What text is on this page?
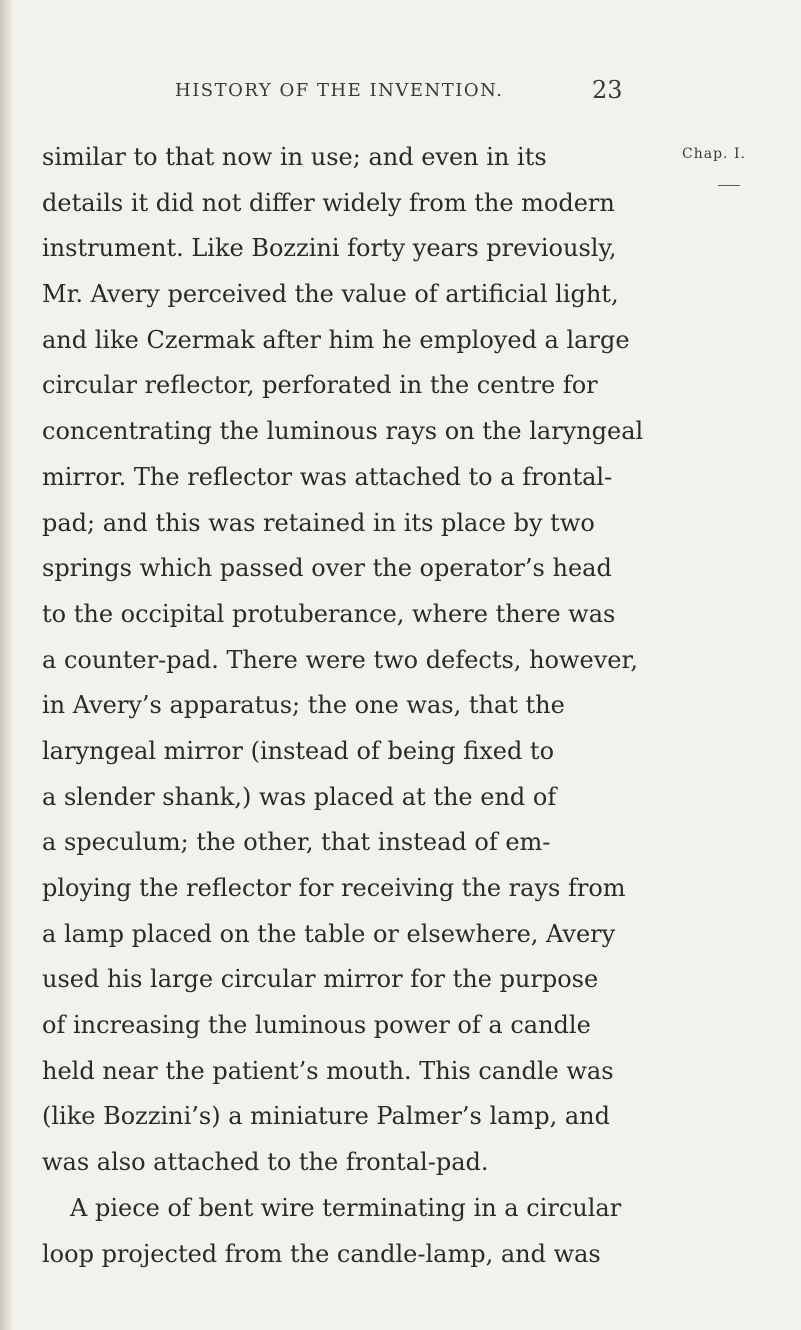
HISTORY OF THE INVENTION.	23
Chap. I.
similar to that now in use; and even in its
details it did not differ widely from the modern
instrument. Like Bozzini forty years previously,
Mr. Avery perceived the value of artificial light,
and like Czermak after him he employed a large
circular reflector, perforated in the centre for
concentrating the luminous rays on the laryngeal
mirror. The reflector was attached to a frontal-
pad; and this was retained in its place by two
springs which passed over the operator’s head
to the occipital protuberance, where there was
a counter-pad. There were two defects, however,
in Avery’s apparatus; the one was, that the
laryngeal mirror (instead of being fixed to
a slender shank,) was placed at the end of
a speculum; the other, that instead of em-
ploying the reflector for receiving the rays from
a lamp placed on the table or elsewhere, Avery
used his large circular mirror for the purpose
of increasing the luminous power of a candle
held near the patient’s mouth. This candle was
(like Bozzini’s) a miniature Palmer’s lamp, and
was also attached to the frontal-pad.
A piece of bent wire terminating in a circular
loop projected from the candle-lamp, and was
